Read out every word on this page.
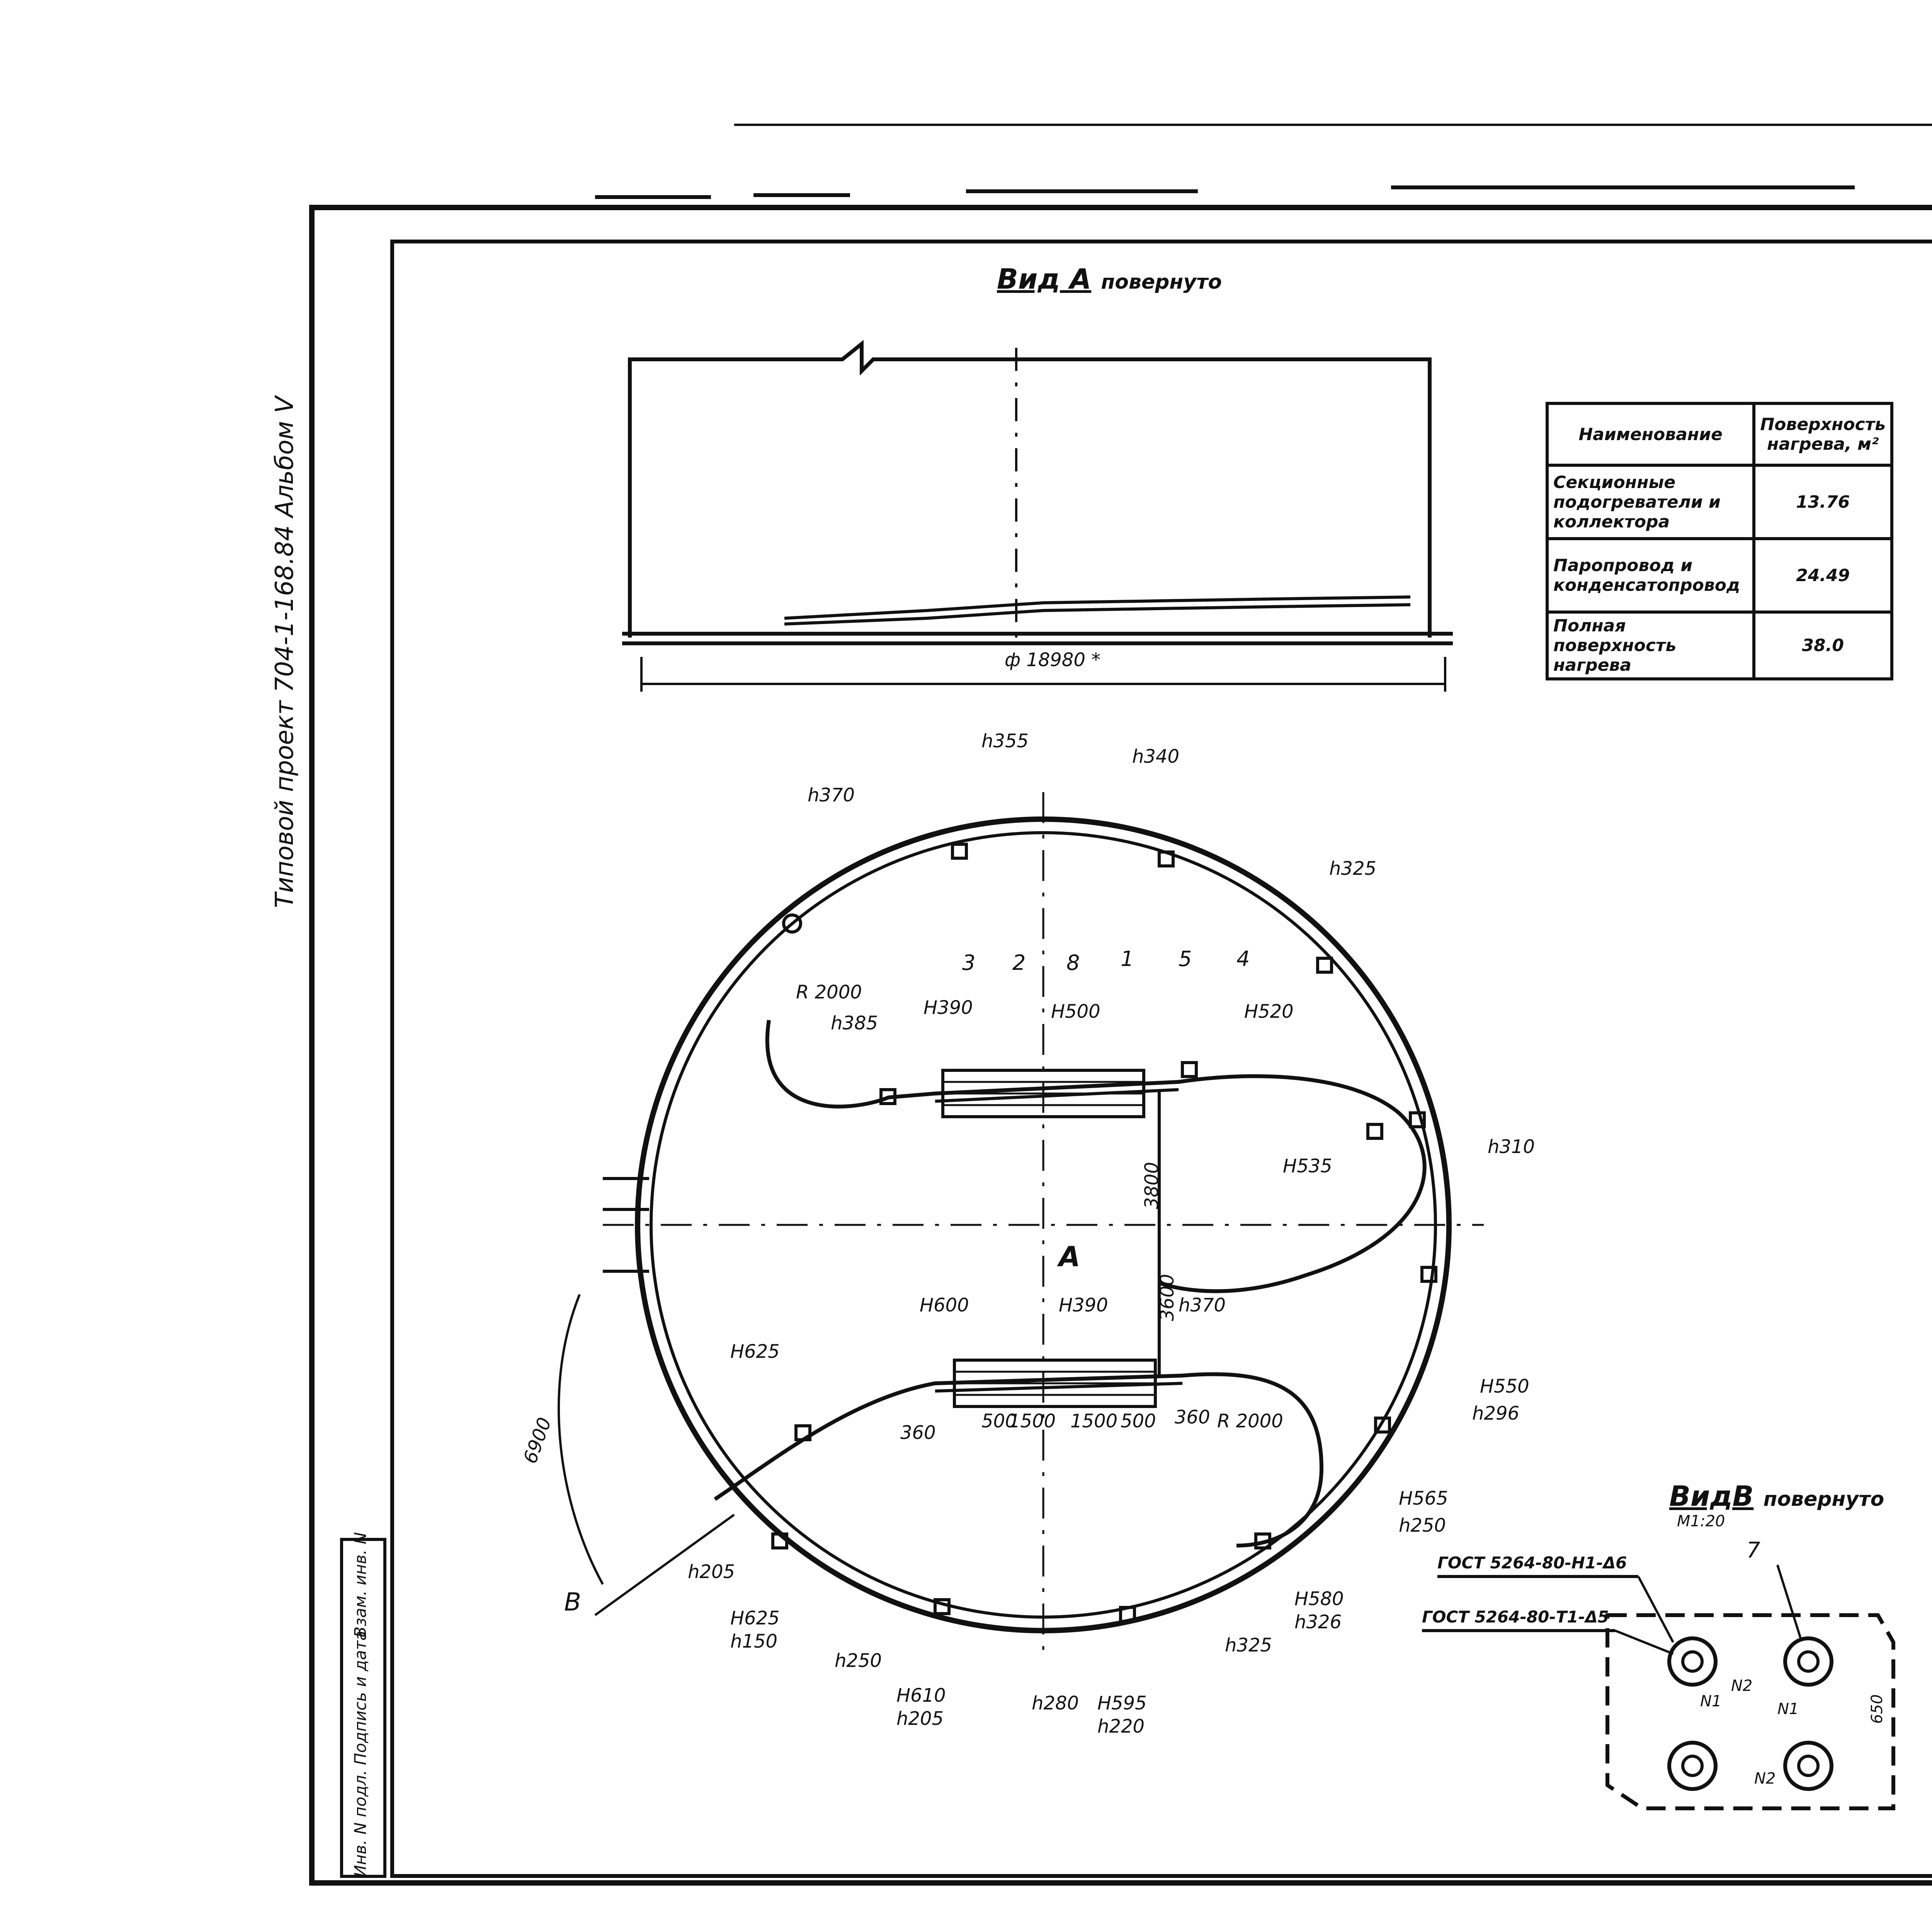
Типовой проект 704-1-168.84 Альбом V
Инв. N подл.
Подпись и дата
Взам. инв. N
Вид А повернуто
ф 18980 *
Наименование	Поверхность нагрева, м²
Секционные подогреватели и коллектора	13.76
Паропровод и конденсатопровод	24.49
Полная поверхность нагрева	38.0

h355
h340
h370
h325
h385
R 2000
Н390	Н500	Н520
Н535
h310
Н550
h296
Н565
h250
Н580
h326
h325
Н600	Н390	h370
R 2000
Н625
h205
Н625
h150
h250
Н610
h205
h280 Н595
h220
3800
3600
6900	360
500
1500 1500 500 360
3 2 8 1 5 4
A
B
ВидВ повернуто
М1:20
ГОСТ 5264-80-Н1-Δ6
ГОСТ 5264-80-Т1-Δ5
7
N2
N1
N1
N2
650
